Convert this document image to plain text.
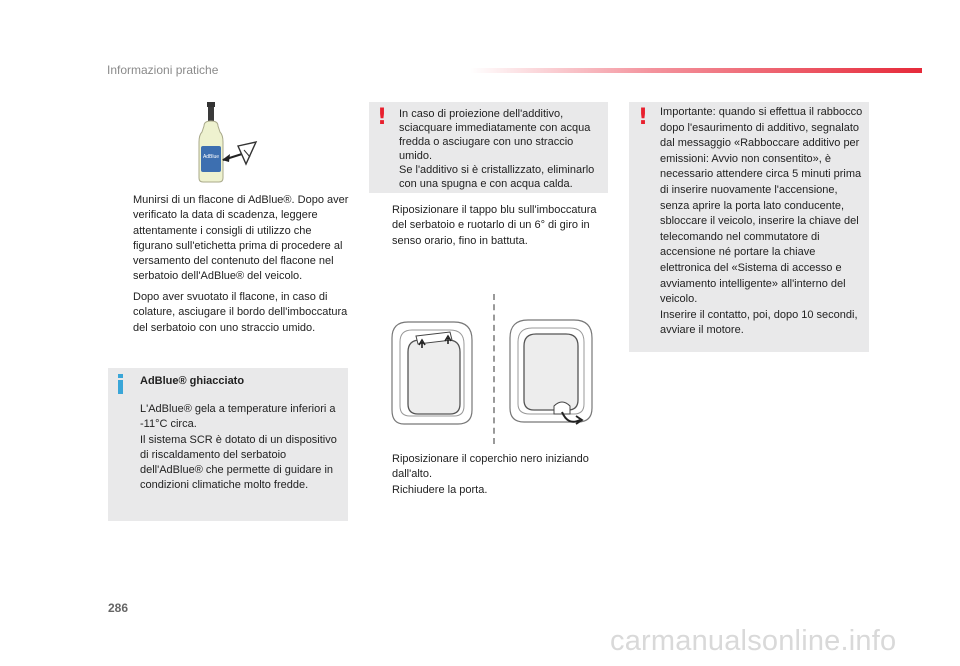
Informazioni pratiche
AdBlue
Munirsi di un flacone di AdBlue®. Dopo aver verificato la data di scadenza, leggere attentamente i consigli di utilizzo che figurano sull'etichetta prima di procedere al versamento del contenuto del flacone nel serbatoio dell'AdBlue® del veicolo.
Dopo aver svuotato il flacone, in caso di colature, asciugare il bordo dell'imboccatura del serbatoio con uno straccio umido.
AdBlue® ghiacciato
L'AdBlue® gela a temperature inferiori a -11°C circa.
Il sistema SCR è dotato di un dispositivo di riscaldamento del serbatoio dell'AdBlue® che permette di guidare in condizioni climatiche molto fredde.
! In caso di proiezione dell'additivo, sciacquare immediatamente con acqua fredda o asciugare con uno straccio umido.
Se l'additivo si è cristallizzato, eliminarlo con una spugna e con acqua calda.
Riposizionare il tappo blu sull'imboccatura del serbatoio e ruotarlo di un 6° di giro in senso orario, fino in battuta.
Riposizionare il coperchio nero iniziando dall'alto.
Richiudere la porta.
! Importante: quando si effettua il rabbocco dopo l'esaurimento di additivo, segnalato dal messaggio «Rabboccare additivo per emissioni: Avvio non consentito», è necessario attendere circa 5 minuti prima di inserire nuovamente l'accensione, senza aprire la porta lato conducente, sbloccare il veicolo, inserire la chiave del telecomando nel commutatore di accensione né portare la chiave elettronica del «Sistema di accesso e avviamento intelligente» all'interno del veicolo.
Inserire il contatto, poi, dopo 10 secondi, avviare il motore.
286
carmanualsonline.info
